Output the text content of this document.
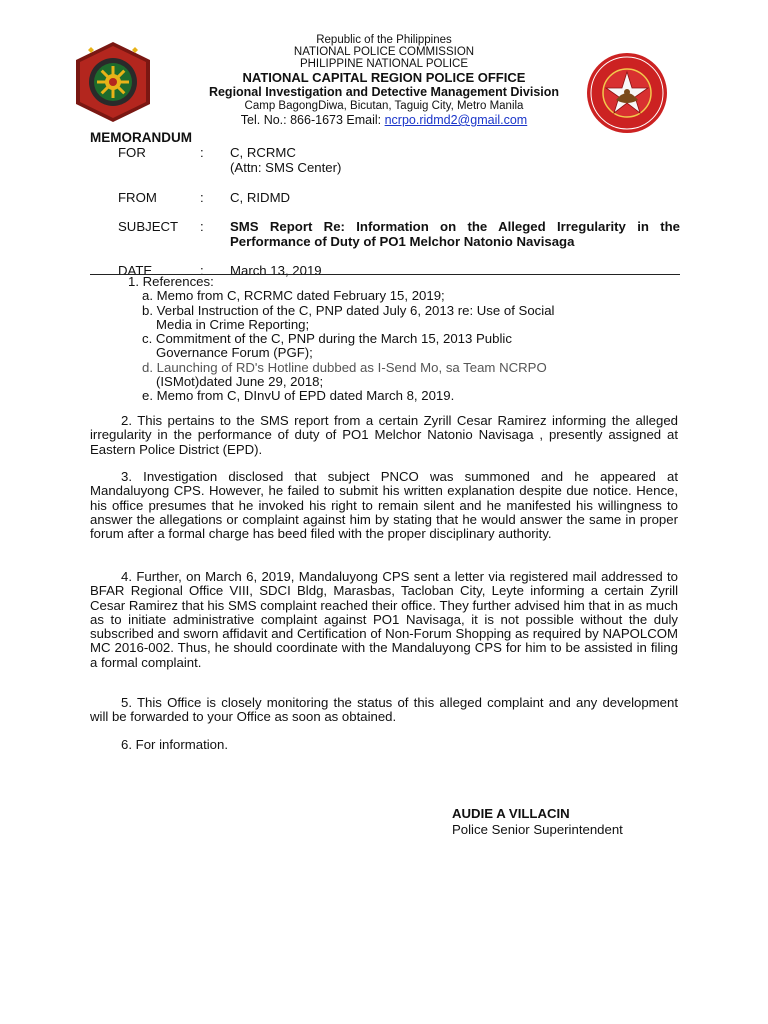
Republic of the Philippines
NATIONAL POLICE COMMISSION
PHILIPPINE NATIONAL POLICE
NATIONAL CAPITAL REGION POLICE OFFICE
Regional Investigation and Detective Management Division
Camp BagongDiwa, Bicutan, Taguig City, Metro Manila
Tel. No.: 866-1673 Email: ncrpo.ridmd2@gmail.com
MEMORANDUM
FOR	:	C, RCRMC
(Attn: SMS Center)
FROM	:	C, RIDMD
SUBJECT	:	SMS Report Re: Information on the Alleged Irregularity in the Performance of Duty of PO1 Melchor Natonio Navisaga
DATE	:	March 13, 2019
1. References:
a. Memo from C, RCRMC dated February 15, 2019;
b. Verbal Instruction of the C, PNP dated July 6, 2013 re: Use of Social
Media in Crime Reporting;
c. Commitment of the C, PNP during the March 15, 2013 Public
Governance Forum (PGF);
d. Launching of RD's Hotline dubbed as I-Send Mo, sa Team NCRPO
(ISMot)dated June 29, 2018;
e. Memo from C, DInvU of EPD dated March 8, 2019.
2. This pertains to the SMS report from a certain Zyrill Cesar Ramirez informing the alleged irregularity in the performance of duty of PO1 Melchor Natonio Navisaga , presently assigned at Eastern Police District (EPD).
3. Investigation disclosed that subject PNCO was summoned and he appeared at Mandaluyong CPS. However, he failed to submit his written explanation despite due notice. Hence, his office presumes that he invoked his right to remain silent and he manifested his willingness to answer the allegations or complaint against him by stating that he would answer the same in proper forum after a formal charge has beed filed with the proper disciplinary authority.
4. Further, on March 6, 2019, Mandaluyong CPS sent a letter via registered mail addressed to BFAR Regional Office VIII, SDCI Bldg, Marasbas, Tacloban City, Leyte informing a certain Zyrill Cesar Ramirez that his SMS complaint reached their office. They further advised him that in as much as to initiate administrative complaint against PO1 Navisaga, it is not possible without the duly subscribed and sworn affidavit and Certification of Non-Forum Shopping as required by NAPOLCOM MC 2016-002. Thus, he should coordinate with the Mandaluyong CPS for him to be assisted in filing a formal complaint.
5. This Office is closely monitoring the status of this alleged complaint and any development will be forwarded to your Office as soon as obtained.
6. For information.
AUDIE A VILLACIN
Police Senior Superintendent
